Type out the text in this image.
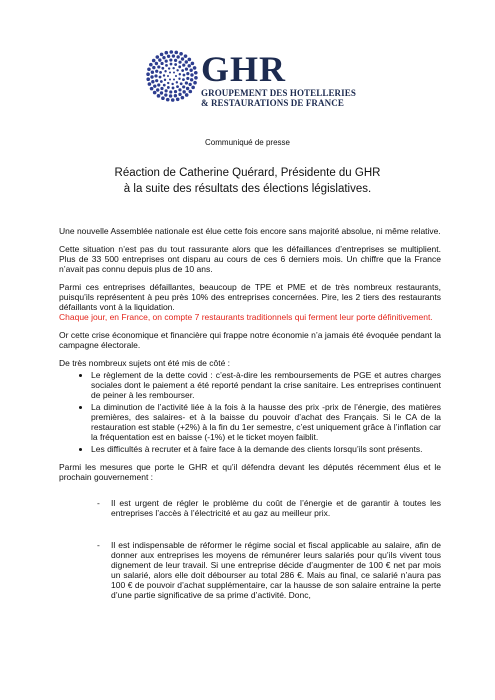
GHR
GROUPEMENT DES HOTELLERIES
& RESTAURATIONS DE FRANCE
Communiqué de presse
Réaction de Catherine Quérard, Présidente du GHR
à la suite des résultats des élections législatives.

Une nouvelle Assemblée nationale est élue cette fois encore sans majorité absolue, ni même relative.

Cette situation n’est pas du tout rassurante alors que les défaillances d’entreprises se multiplient. Plus de 33 500 entreprises ont disparu au cours de ces 6 derniers mois. Un chiffre que la France n’avait pas connu depuis plus de 10 ans.

Parmi ces entreprises défaillantes, beaucoup de TPE et PME et de très nombreux restaurants, puisqu’ils représentent à peu près 10% des entreprises concernées. Pire, les 2 tiers des restaurants défaillants vont à la liquidation.
Chaque jour, en France, on compte 7 restaurants traditionnels qui ferment leur porte définitivement.

Or cette crise économique et financière qui frappe notre économie n’a jamais été évoquée pendant la campagne électorale.

De très nombreux sujets ont été mis de côté :

• Le règlement de la dette covid : c’est-à-dire les remboursements de PGE et autres charges sociales dont le paiement a été reporté pendant la crise sanitaire. Les entreprises continuent de peiner à les rembourser.
• La diminution de l’activité liée à la fois à la hausse des prix -prix de l’énergie, des matières premières, des salaires- et à la baisse du pouvoir d’achat des Français. Si le CA de la restauration est stable (+2%) à la fin du 1er semestre, c’est uniquement grâce à l’inflation car la fréquentation est en baisse (-1%) et le ticket moyen faiblit.
• Les difficultés à recruter et à faire face à la demande des clients lorsqu’ils sont présents.

Parmi les mesures que porte le GHR et qu’il défendra devant les députés récemment élus et le prochain gouvernement :

- Il est urgent de régler le problème du coût de l’énergie et de garantir à toutes les entreprises l’accès à l’électricité et au gaz au meilleur prix.
- Il est indispensable de réformer le régime social et fiscal applicable au salaire, afin de donner aux entreprises les moyens de rémunérer leurs salariés pour qu’ils vivent tous dignement de leur travail. Si une entreprise décide d’augmenter de 100 € net par mois un salarié, alors elle doit débourser au total 286 €. Mais au final, ce salarié n’aura pas 100 € de pouvoir d’achat supplémentaire, car la hausse de son salaire entraine la perte d’une partie significative de sa prime d’activité. Donc,
